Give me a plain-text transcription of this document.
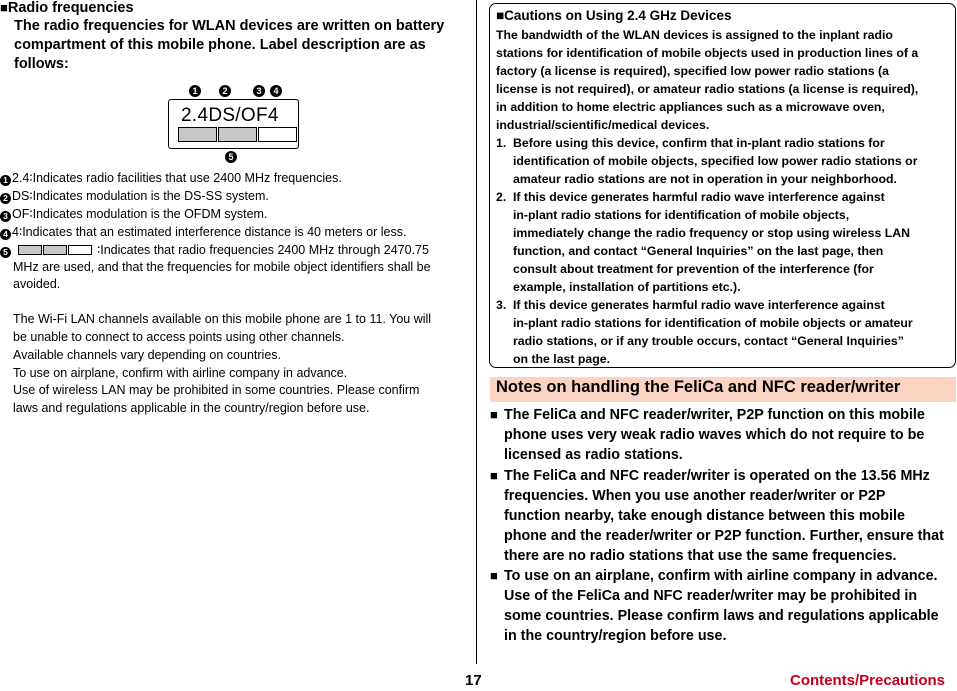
■ Radio frequencies
The radio frequencies for WLAN devices are written on battery compartment of this mobile phone. Label description are as follows:
1	2	3	4
2.4DS/OF4
5
1 2.4∶Indicates radio facilities that use 2400 MHz frequencies.
2 DS∶Indicates modulation is the DS-SS system.
3 OF∶Indicates modulation is the OFDM system.
4 4∶Indicates that an estimated interference distance is 40 meters or less.
5	∶Indicates that radio frequencies 2400 MHz through 2470.75
MHz are used, and that the frequencies for mobile object identifiers shall be
avoided.
The Wi-Fi LAN channels available on this mobile phone are 1 to 11. You will
be unable to connect to access points using other channels.
Available channels vary depending on countries.
To use on airplane, confirm with airline company in advance.
Use of wireless LAN may be prohibited in some countries. Please confirm
laws and regulations applicable in the country/region before use.
■ Cautions on Using 2.4 GHz Devices
The bandwidth of the WLAN devices is assigned to the inplant radio
stations for identification of mobile objects used in production lines of a
factory (a license is required), specified low power radio stations (a
license is not required), or amateur radio stations (a license is required),
in addition to home electric appliances such as a microwave oven,
industrial/scientific/medical devices.
1. Before using this device, confirm that in-plant radio stations for
identification of mobile objects, specified low power radio stations or
amateur radio stations are not in operation in your neighborhood.
2. If this device generates harmful radio wave interference against
in-plant radio stations for identification of mobile objects,
immediately change the radio frequency or stop using wireless LAN
function, and contact “General Inquiries” on the last page, then
consult about treatment for prevention of the interference (for
example, installation of partitions etc.).
3. If this device generates harmful radio wave interference against
in-plant radio stations for identification of mobile objects or amateur
radio stations, or if any trouble occurs, contact “General Inquiries”
on the last page.
Notes on handling the FeliCa and NFC reader/writer
■
The FeliCa and NFC reader/writer, P2P function on this mobile
phone uses very weak radio waves which do not require to be
licensed as radio stations.
■
The FeliCa and NFC reader/writer is operated on the 13.56 MHz
frequencies. When you use another reader/writer or P2P
function nearby, take enough distance between this mobile
phone and the reader/writer or P2P function. Further, ensure that
there are no radio stations that use the same frequencies.
■
To use on an airplane, confirm with airline company in advance.
Use of the FeliCa and NFC reader/writer may be prohibited in
some countries. Please confirm laws and regulations applicable
in the country/region before use.
17	Contents/Precautions
